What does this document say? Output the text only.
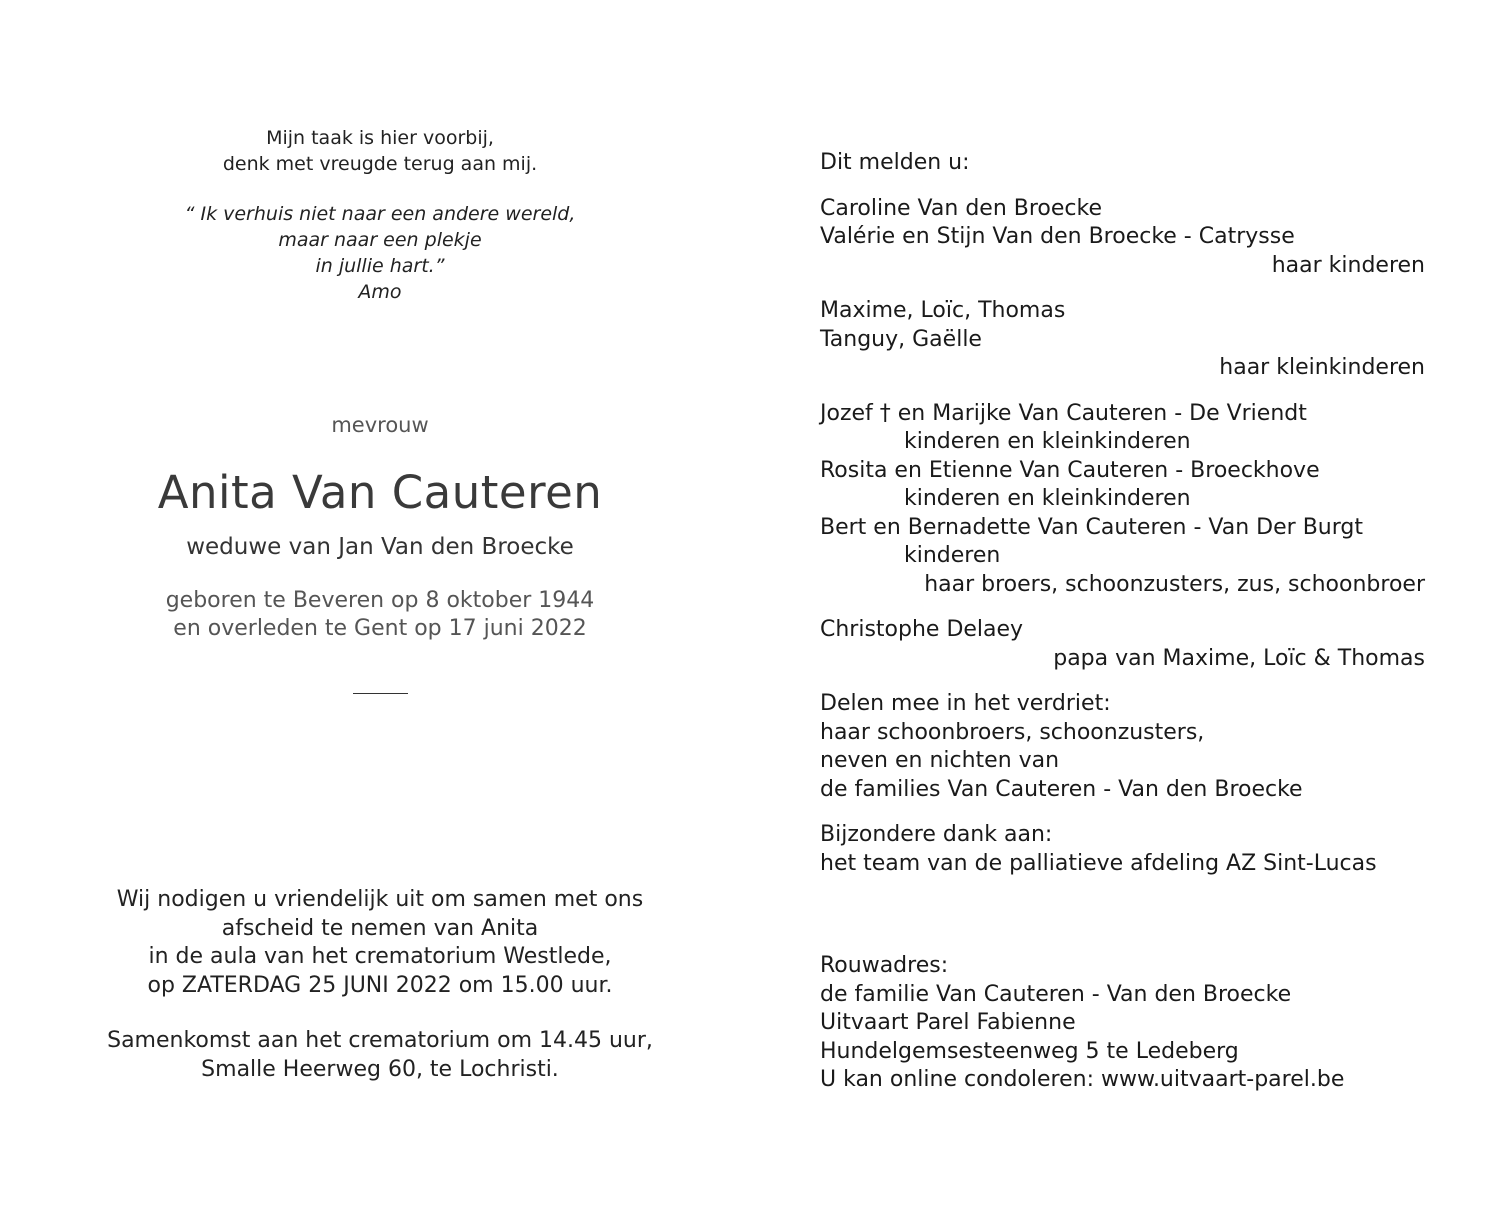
Mijn taak is hier voorbij,
denk met vreugde terug aan mij.
“ Ik verhuis niet naar een andere wereld,
maar naar een plekje
in jullie hart.”
Amo
mevrouw
Anita Van Cauteren
weduwe van Jan Van den Broecke
geboren te Beveren op 8 oktober 1944
en overleden te Gent op 17 juni 2022
Wij nodigen u vriendelijk uit om samen met ons
afscheid te nemen van Anita
in de aula van het crematorium Westlede,
op ZATERDAG 25 JUNI 2022 om 15.00 uur.
Samenkomst aan het crematorium om 14.45 uur,
Smalle Heerweg 60, te Lochristi.
Dit melden u:
Caroline Van den Broecke
Valérie en Stijn Van den Broecke - Catrysse
haar kinderen
Maxime, Loïc, Thomas
Tanguy, Gaëlle
haar kleinkinderen
Jozef † en Marijke Van Cauteren - De Vriendt
kinderen en kleinkinderen
Rosita en Etienne Van Cauteren - Broeckhove
kinderen en kleinkinderen
Bert en Bernadette Van Cauteren - Van Der Burgt
kinderen
haar broers, schoonzusters, zus, schoonbroer
Christophe Delaey
papa van Maxime, Loïc & Thomas
Delen mee in het verdriet:
haar schoonbroers, schoonzusters,
neven en nichten van
de families Van Cauteren - Van den Broecke
Bijzondere dank aan:
het team van de palliatieve afdeling AZ Sint-Lucas
Rouwadres:
de familie Van Cauteren - Van den Broecke
Uitvaart Parel Fabienne
Hundelgemsesteenweg 5 te Ledeberg
U kan online condoleren: www.uitvaart-parel.be
